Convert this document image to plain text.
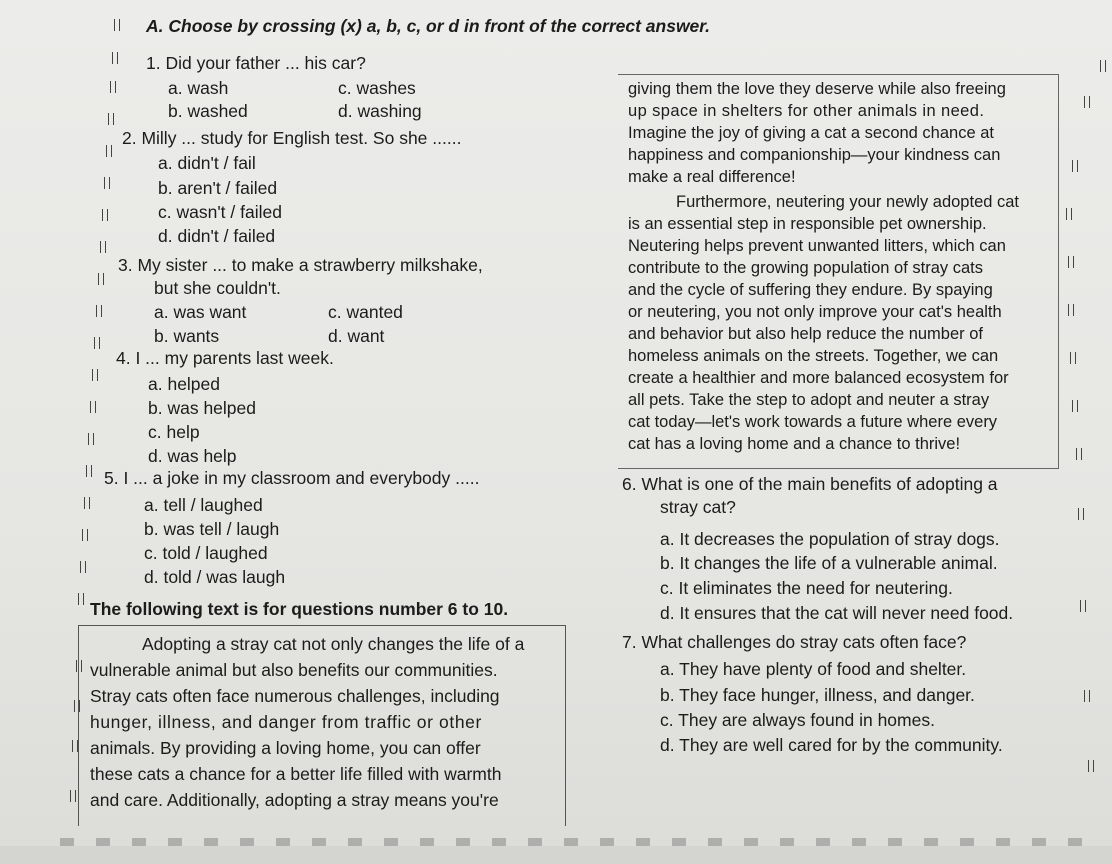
A. Choose by crossing (x) a, b, c, or d in front of the correct answer.
1. Did your father ... his car?
a. wash	c. washes
b. washed	d. washing
2. Milly ... study for English test. So she ......
a. didn't / fail
b. aren't / failed
c. wasn't / failed
d. didn't / failed
3. My sister ... to make a strawberry milkshake,
but she couldn't.
a. was want	c. wanted
b. wants	d. want
4. I ... my parents last week.
a. helped
b. was helped
c. help
d. was help
5. I ... a joke in my classroom and everybody .....
a. tell / laughed
b. was tell / laugh
c. told / laughed
d. told / was laugh
The following text is for questions number 6 to 10.
Adopting a stray cat not only changes the life of a
vulnerable animal but also benefits our communities.
Stray cats often face numerous challenges, including
hunger, illness, and danger from traffic or other
animals. By providing a loving home, you can offer
these cats a chance for a better life filled with warmth
and care. Additionally, adopting a stray means you're
giving them the love they deserve while also freeing
up space in shelters for other animals in need.
Imagine the joy of giving a cat a second chance at
happiness and companionship—your kindness can
make a real difference!
Furthermore, neutering your newly adopted cat
is an essential step in responsible pet ownership.
Neutering helps prevent unwanted litters, which can
contribute to the growing population of stray cats
and the cycle of suffering they endure. By spaying
or neutering, you not only improve your cat's health
and behavior but also help reduce the number of
homeless animals on the streets. Together, we can
create a healthier and more balanced ecosystem for
all pets. Take the step to adopt and neuter a stray
cat today—let's work towards a future where every
cat has a loving home and a chance to thrive!
6. What is one of the main benefits of adopting a
stray cat?
a. It decreases the population of stray dogs.
b. It changes the life of a vulnerable animal.
c. It eliminates the need for neutering.
d. It ensures that the cat will never need food.
7. What challenges do stray cats often face?
a. They have plenty of food and shelter.
b. They face hunger, illness, and danger.
c. They are always found in homes.
d. They are well cared for by the community.
